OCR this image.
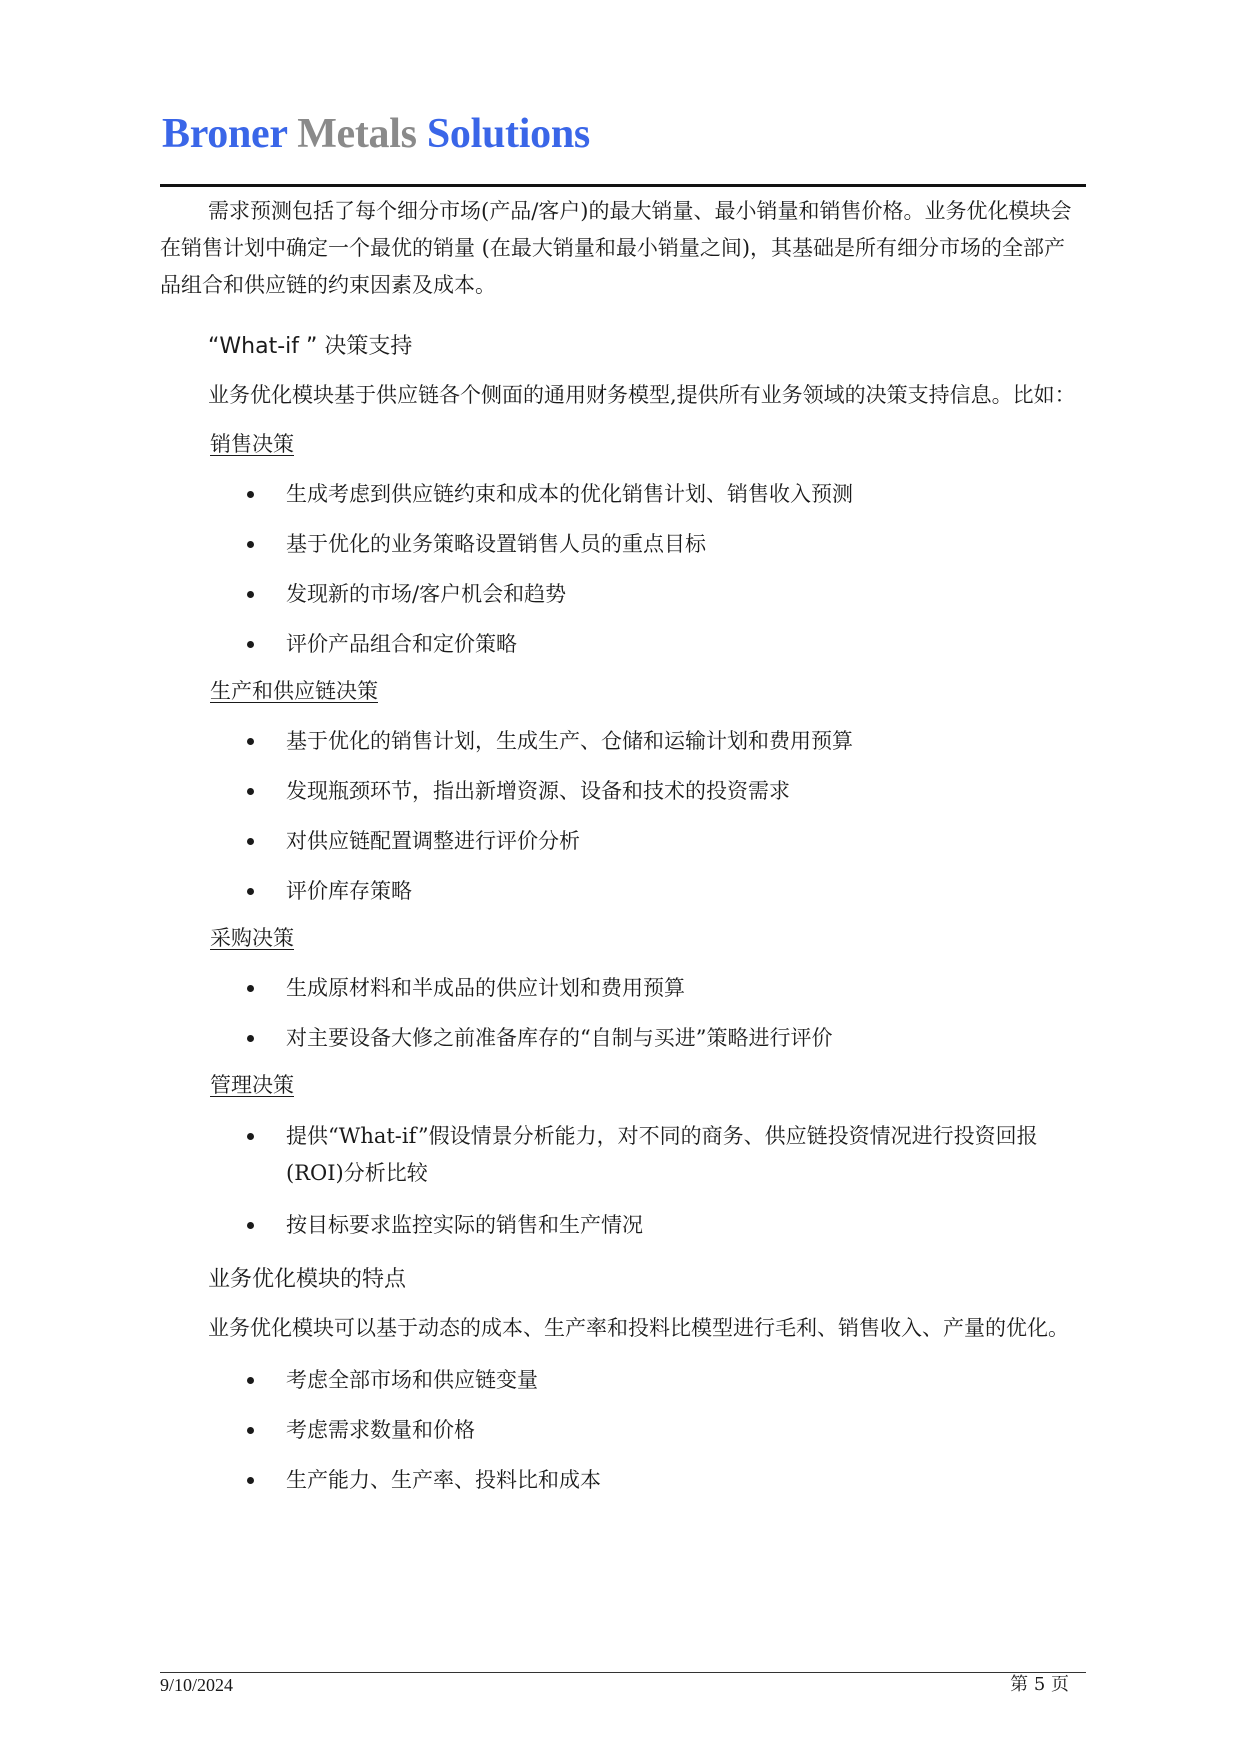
Broner Metals Solutions

需求预测包括了每个细分市场(产品/客户)的最大销量、最小销量和销售价格。业务优化模块会在销售计划中确定一个最优的销量 (在最大销量和最小销量之间)，其基础是所有细分市场的全部产品组合和供应链的约束因素及成本。

“What-if ” 决策支持

业务优化模块基于供应链各个侧面的通用财务模型,提供所有业务领域的决策支持信息。比如：

销售决策
生成考虑到供应链约束和成本的优化销售计划、销售收入预测
基于优化的业务策略设置销售人员的重点目标
发现新的市场/客户机会和趋势
评价产品组合和定价策略
生产和供应链决策
基于优化的销售计划，生成生产、仓储和运输计划和费用预算
发现瓶颈环节，指出新增资源、设备和技术的投资需求
对供应链配置调整进行评价分析
评价库存策略
采购决策
生成原材料和半成品的供应计划和费用预算
对主要设备大修之前准备库存的“自制与买进”策略进行评价
管理决策
提供“What-if”假设情景分析能力，对不同的商务、供应链投资情况进行投资回报(ROI)分析比较
按目标要求监控实际的销售和生产情况
业务优化模块的特点

业务优化模块可以基于动态的成本、生产率和投料比模型进行毛利、销售收入、产量的优化。

考虑全部市场和供应链变量
考虑需求数量和价格
生产能力、生产率、投料比和成本
9/10/2024	第 5 页
